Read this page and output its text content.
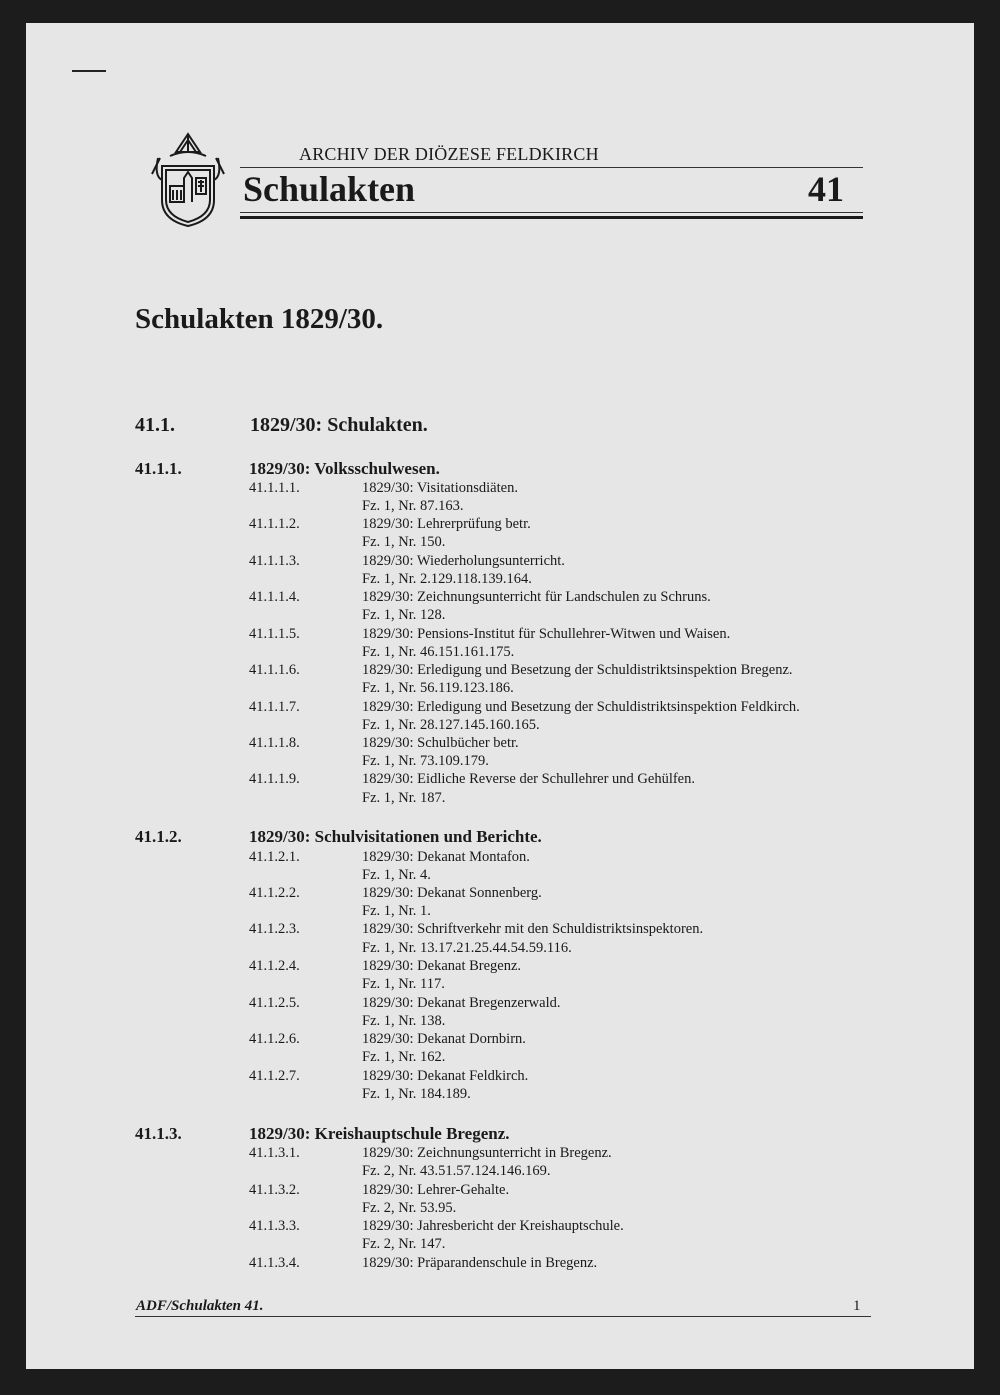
ARCHIV DER DIÖZESE FELDKIRCH
Schulakten	41
Schulakten 1829/30.
41.1.	1829/30: Schulakten.
41.1.1.	1829/30: Volksschulwesen.
41.1.1.1.	1829/30: Visitationsdiäten.
Fz. 1, Nr. 87.163.
41.1.1.2.	1829/30: Lehrerprüfung betr.
Fz. 1, Nr. 150.
41.1.1.3.	1829/30: Wiederholungsunterricht.
Fz. 1, Nr. 2.129.118.139.164.
41.1.1.4.	1829/30: Zeichnungsunterricht für Landschulen zu Schruns.
Fz. 1, Nr. 128.
41.1.1.5.	1829/30: Pensions-Institut für Schullehrer-Witwen und Waisen.
Fz. 1, Nr. 46.151.161.175.
41.1.1.6.	1829/30: Erledigung und Besetzung der Schuldistriktsinspektion Bregenz.
Fz. 1, Nr. 56.119.123.186.
41.1.1.7.	1829/30: Erledigung und Besetzung der Schuldistriktsinspektion Feldkirch.
Fz. 1, Nr. 28.127.145.160.165.
41.1.1.8.	1829/30: Schulbücher betr.
Fz. 1, Nr. 73.109.179.
41.1.1.9.	1829/30: Eidliche Reverse der Schullehrer und Gehülfen.
Fz. 1, Nr. 187.
41.1.2.	1829/30: Schulvisitationen und Berichte.
41.1.2.1.	1829/30: Dekanat Montafon.
Fz. 1, Nr. 4.
41.1.2.2.	1829/30: Dekanat Sonnenberg.
Fz. 1, Nr. 1.
41.1.2.3.	1829/30: Schriftverkehr mit den Schuldistriktsinspektoren.
Fz. 1, Nr. 13.17.21.25.44.54.59.116.
41.1.2.4.	1829/30: Dekanat Bregenz.
Fz. 1, Nr. 117.
41.1.2.5.	1829/30: Dekanat Bregenzerwald.
Fz. 1, Nr. 138.
41.1.2.6.	1829/30: Dekanat Dornbirn.
Fz. 1, Nr. 162.
41.1.2.7.	1829/30: Dekanat Feldkirch.
Fz. 1, Nr. 184.189.
41.1.3.	1829/30: Kreishauptschule Bregenz.
41.1.3.1.	1829/30: Zeichnungsunterricht in Bregenz.
Fz. 2, Nr. 43.51.57.124.146.169.
41.1.3.2.	1829/30: Lehrer-Gehalte.
Fz. 2, Nr. 53.95.
41.1.3.3.	1829/30: Jahresbericht der Kreishauptschule.
Fz. 2, Nr. 147.
41.1.3.4.	1829/30: Präparandenschule in Bregenz.
ADF/Schulakten 41.	1
